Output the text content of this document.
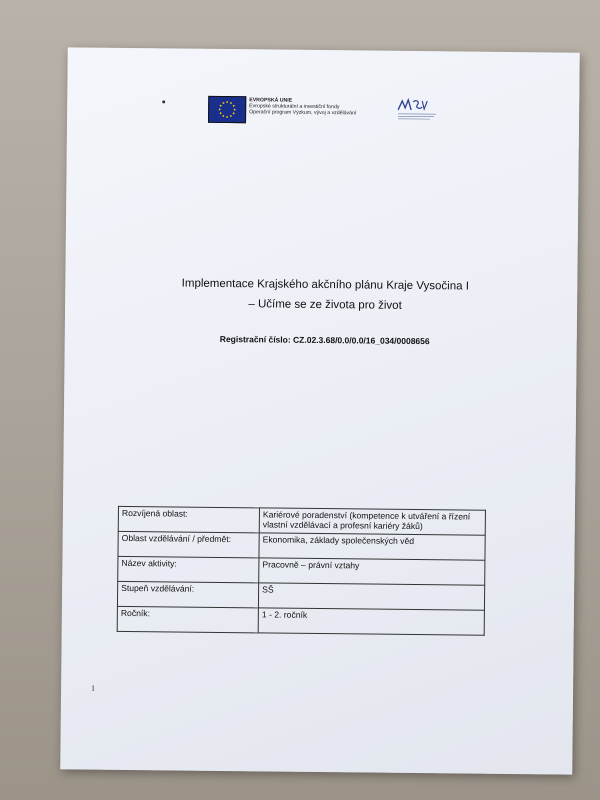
EVROPSKÁ UNIE
Evropské strukturální a investiční fondy
Operační program Výzkum, vývoj a vzdělávání
Implementace Krajského akčního plánu Kraje Vysočina I
– Učíme se ze života pro život
Registrační číslo: CZ.02.3.68/0.0/0.0/16_034/0008656
Rozvíjená oblast:	Kariérové poradenství (kompetence k utváření a řízení vlastní vzdělávací a profesní kariéry žáků)
Oblast vzdělávání / předmět:	Ekonomika, základy společenských věd
Název aktivity:	Pracovně – právní vztahy
Stupeň vzdělávání:	SŠ
Ročník:	1 - 2. ročník
1
